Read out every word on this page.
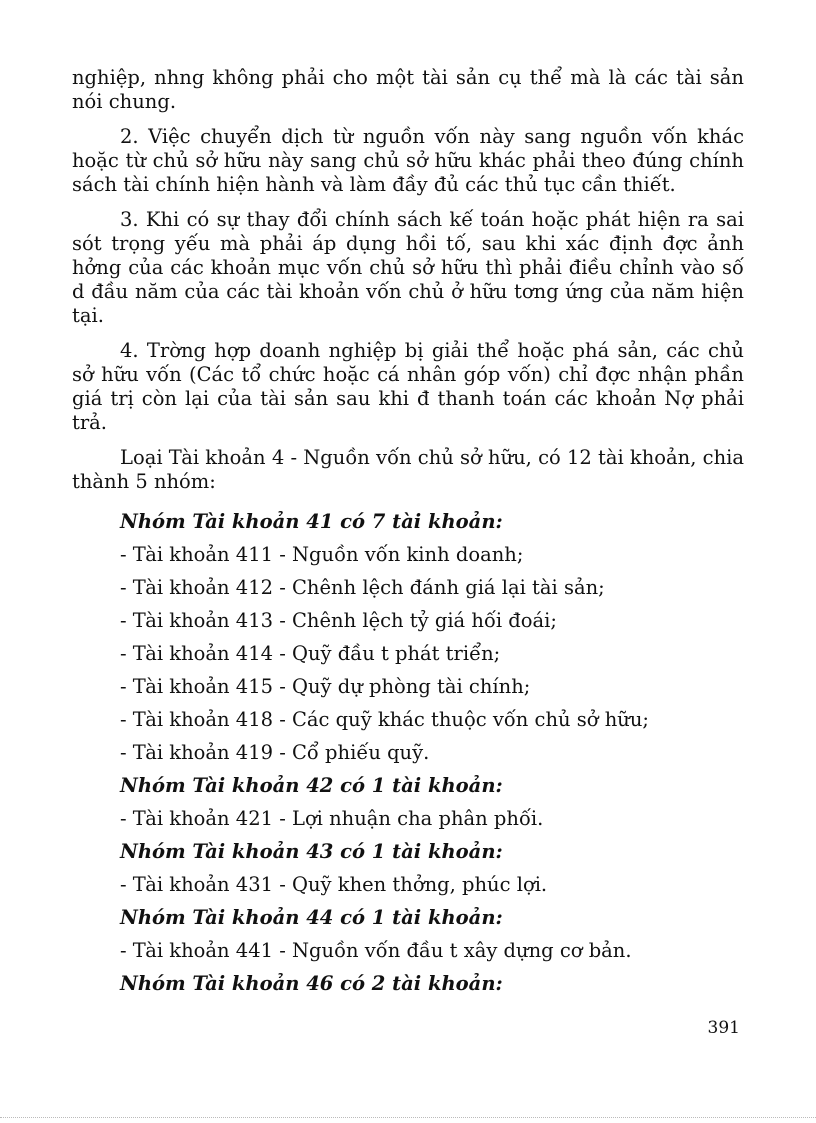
nghiệp, nhng không phải cho một tài sản cụ thể mà là các tài sản nói chung.

2. Việc chuyển dịch từ nguồn vốn này sang nguồn vốn khác hoặc từ chủ sở hữu này sang chủ sở hữu khác phải theo đúng chính sách tài chính hiện hành và làm đầy đủ các thủ tục cần thiết.

3. Khi có sự thay đổi chính sách kế toán hoặc phát hiện ra sai sót trọng yếu mà phải áp dụng hồi tố, sau khi xác định đợc ảnh hởng của các khoản mục vốn chủ sở hữu thì phải điều chỉnh vào số d đầu năm của các tài khoản vốn chủ ở hữu tơng ứng của năm hiện tại.

4. Trờng hợp doanh nghiệp bị giải thể hoặc phá sản, các chủ sở hữu vốn (Các tổ chức hoặc cá nhân góp vốn) chỉ đợc nhận phần giá trị còn lại của tài sản sau khi đ thanh toán các khoản Nợ phải trả.

Loại Tài khoản 4 - Nguồn vốn chủ sở hữu, có 12 tài khoản, chia thành 5 nhóm:

Nhóm Tài khoản 41 có 7 tài khoản:

- Tài khoản 411 - Nguồn vốn kinh doanh;

- Tài khoản 412 - Chênh lệch đánh giá lại tài sản;

- Tài khoản 413 - Chênh lệch tỷ giá hối đoái;

- Tài khoản 414 - Quỹ đầu t phát triển;

- Tài khoản 415 - Quỹ dự phòng tài chính;

- Tài khoản 418 - Các quỹ khác thuộc vốn chủ sở hữu;

- Tài khoản 419 - Cổ phiếu quỹ.

Nhóm Tài khoản 42 có 1 tài khoản:

- Tài khoản 421 - Lợi nhuận cha phân phối.

Nhóm Tài khoản 43 có 1 tài khoản:

- Tài khoản 431 - Quỹ khen thởng, phúc lợi.

Nhóm Tài khoản 44 có 1 tài khoản:

- Tài khoản 441 - Nguồn vốn đầu t xây dựng cơ bản.

Nhóm Tài khoản 46 có 2 tài khoản:

391
